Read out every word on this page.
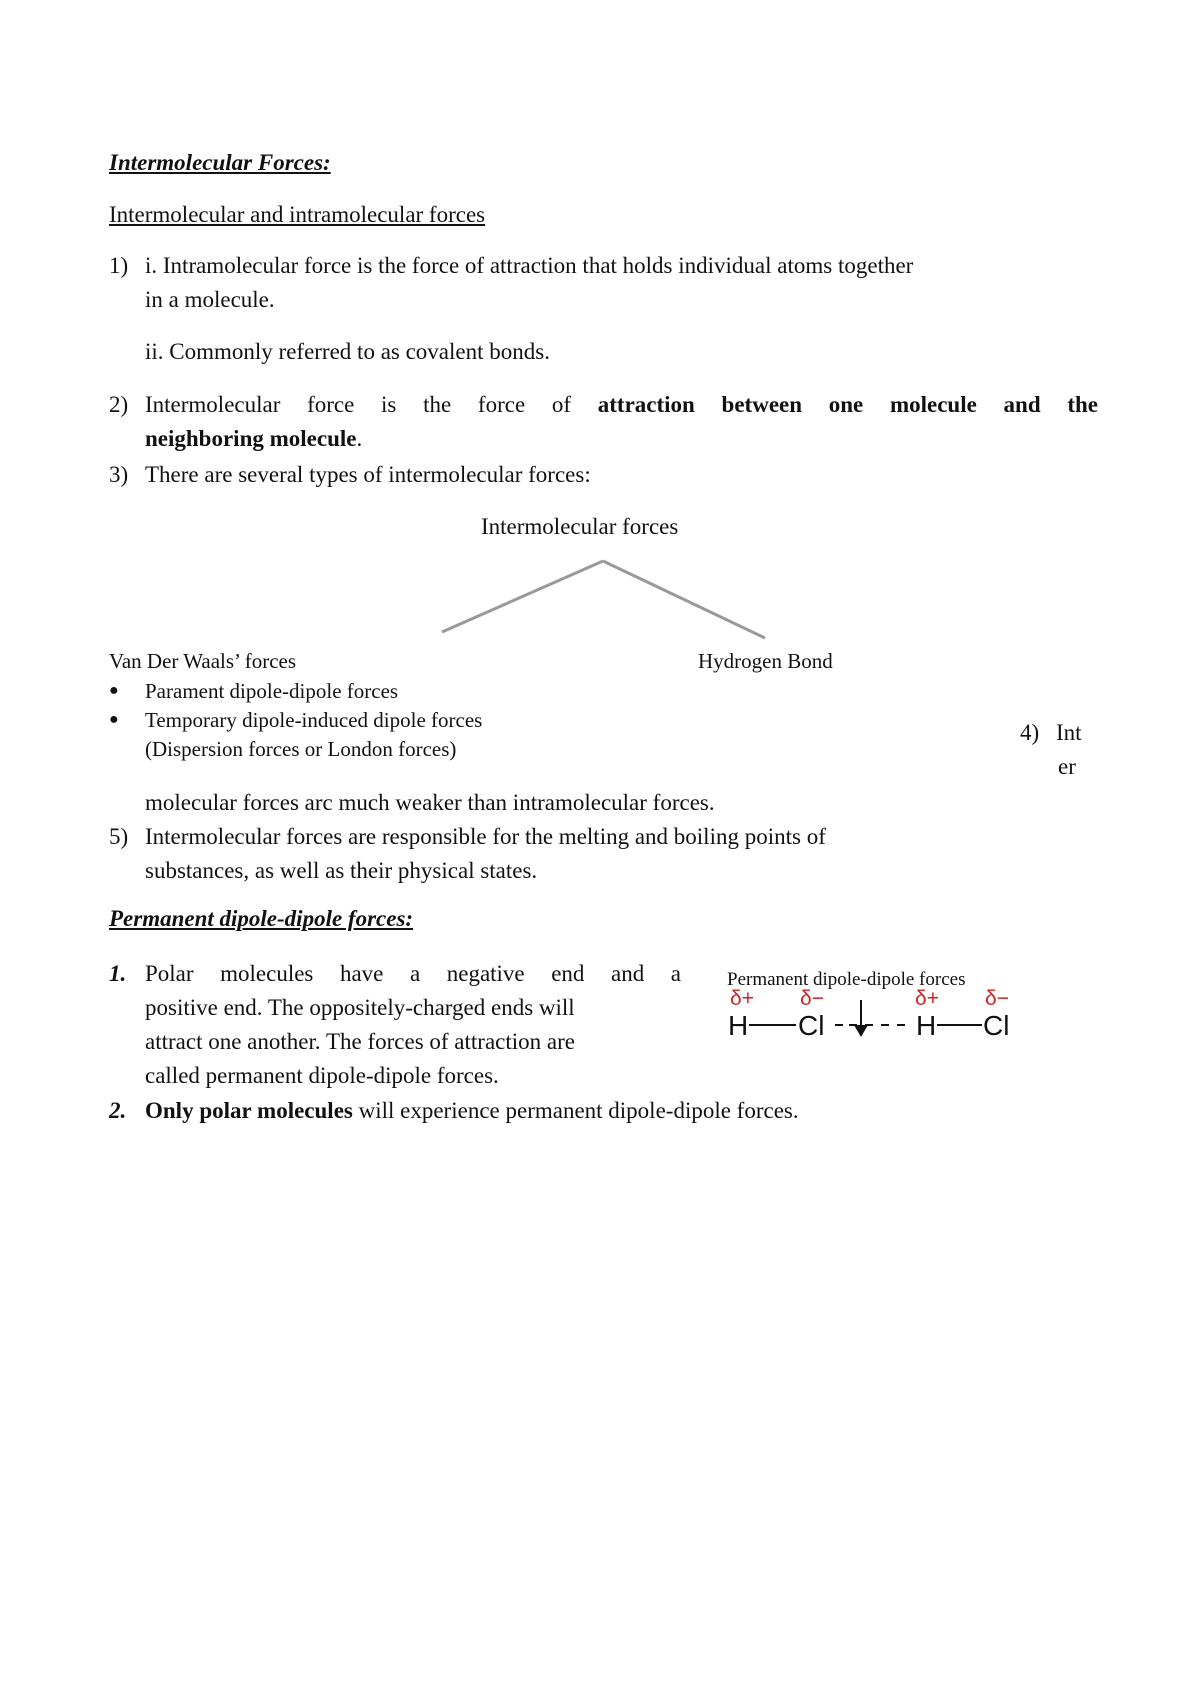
Intermolecular Forces:
Intermolecular and intramolecular forces
1) i. Intramolecular force is the force of attraction that holds individual atoms together
in a molecule.
ii. Commonly referred to as covalent bonds.
2) Intermolecular force is the force of attraction between one molecule and the
neighboring molecule.
3) There are several types of intermolecular forces:
Intermolecular forces
Van Der Waals’ forces	Hydrogen Bond
● Parament dipole-dipole forces
● Temporary dipole-induced dipole forces
(Dispersion forces or London forces)
4) Int
er
molecular forces arc much weaker than intramolecular forces.
5) Intermolecular forces are responsible for the melting and boiling points of
substances, as well as their physical states.
Permanent dipole-dipole forces:
1. Polar molecules have a negative end and a
positive end. The oppositely-charged ends will
attract one another. The forces of attraction are
called permanent dipole-dipole forces.
2. Only polar molecules will experience permanent dipole-dipole forces.
Permanent dipole-dipole forces
δ+ δ−	δ+ δ−
H Cl	H Cl
